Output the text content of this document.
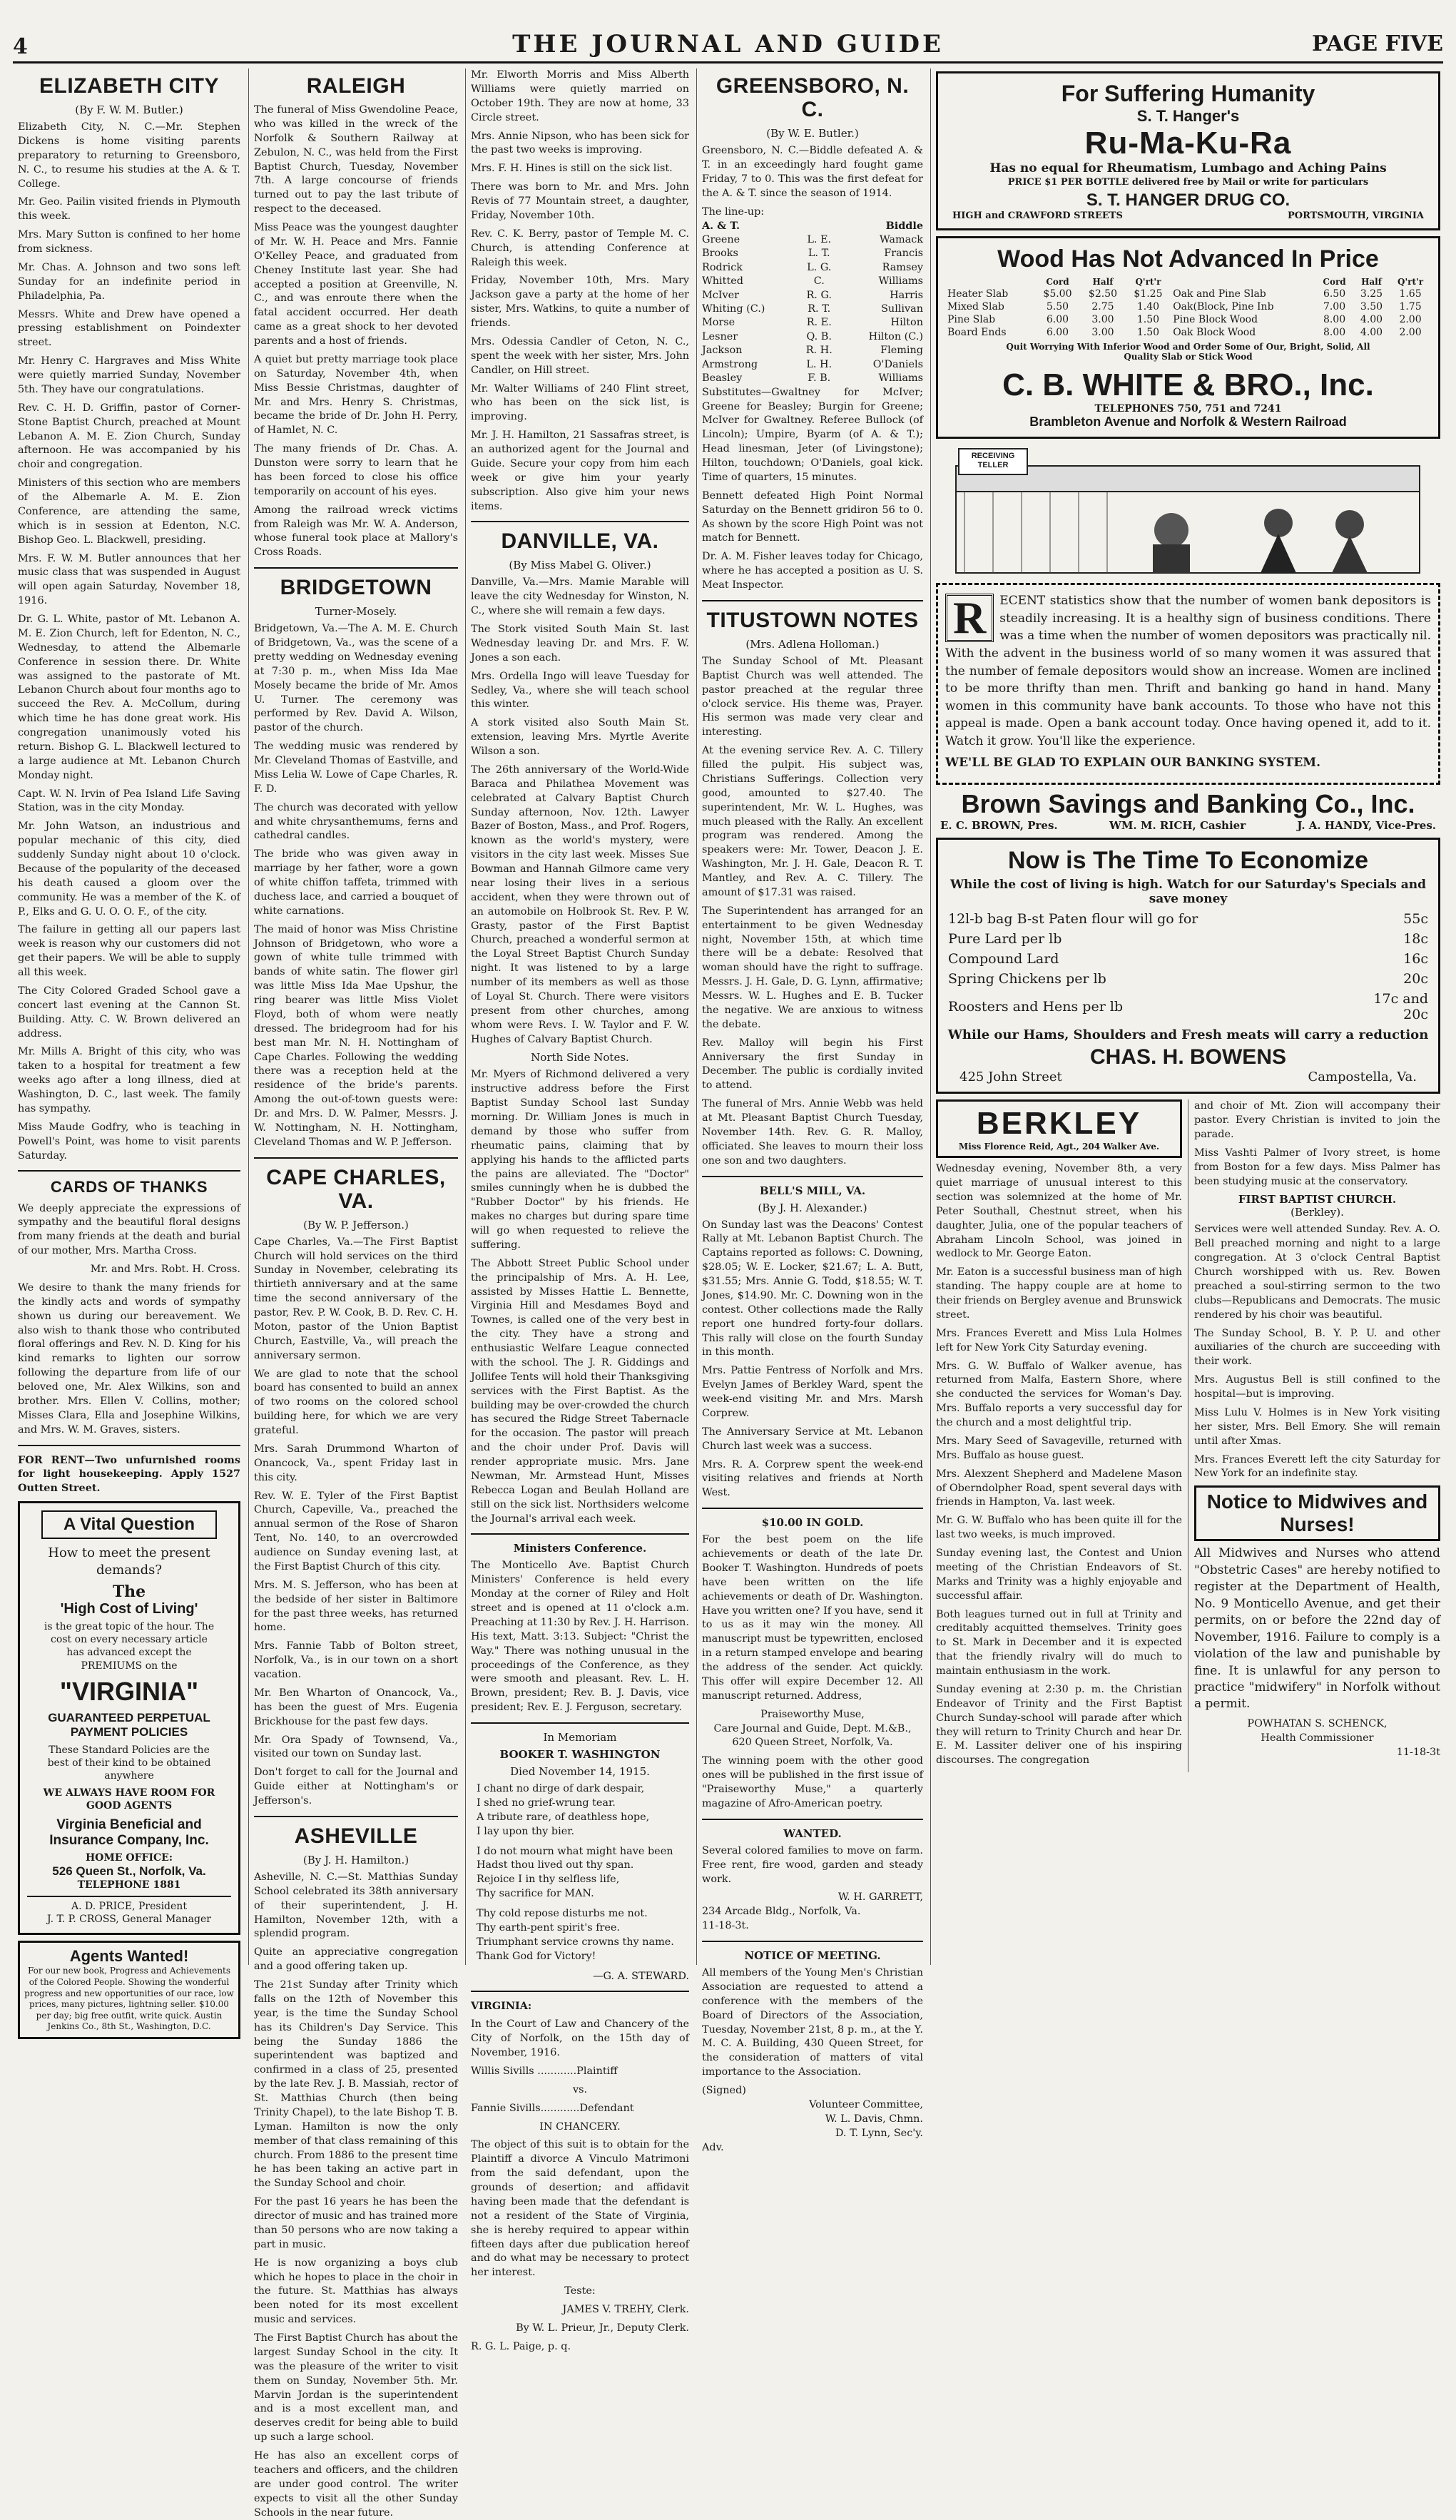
4	THE JOURNAL AND GUIDE	PAGE FIVE
ELIZABETH CITY
(By F. W. M. Butler.)

Elizabeth City, N. C.—Mr. Stephen Dickens is home visiting parents preparatory to returning to Greensboro, N. C., to resume his studies at the A. & T. College.

Mr. Geo. Pailin visited friends in Plymouth this week.

Mrs. Mary Sutton is confined to her home from sickness.

Mr. Chas. A. Johnson and two sons left Sunday for an indefinite period in Philadelphia, Pa.

Messrs. White and Drew have opened a pressing establishment on Poindexter street.

Mr. Henry C. Hargraves and Miss White were quietly married Sunday, November 5th. They have our congratulations.

Rev. C. H. D. Griffin, pastor of Corner-Stone Baptist Church, preached at Mount Lebanon A. M. E. Zion Church, Sunday afternoon. He was accompanied by his choir and congregation.

Ministers of this section who are members of the Albemarle A. M. E. Zion Conference, are attending the same, which is in session at Edenton, N.C. Bishop Geo. L. Blackwell, presiding.

Mrs. F. W. M. Butler announces that her music class that was suspended in August will open again Saturday, November 18, 1916.

Dr. G. L. White, pastor of Mt. Lebanon A. M. E. Zion Church, left for Edenton, N. C., Wednesday, to attend the Albemarle Conference in session there. Dr. White was assigned to the pastorate of Mt. Lebanon Church about four months ago to succeed the Rev. A. McCollum, during which time he has done great work. His congregation unanimously voted his return. Bishop G. L. Blackwell lectured to a large audience at Mt. Lebanon Church Monday night.

Capt. W. N. Irvin of Pea Island Life Saving Station, was in the city Monday.

Mr. John Watson, an industrious and popular mechanic of this city, died suddenly Sunday night about 10 o'clock. Because of the popularity of the deceased his death caused a gloom over the community. He was a member of the K. of P., Elks and G. U. O. O. F., of the city.

The failure in getting all our papers last week is reason why our customers did not get their papers. We will be able to supply all this week.

The City Colored Graded School gave a concert last evening at the Cannon St. Building. Atty. C. W. Brown delivered an address.

Mr. Mills A. Bright of this city, who was taken to a hospital for treatment a few weeks ago after a long illness, died at Washington, D. C., last week. The family has sympathy.

Miss Maude Godfry, who is teaching in Powell's Point, was home to visit parents Saturday.

CARDS OF THANKS

We deeply appreciate the expressions of sympathy and the beautiful floral designs from many friends at the death and burial of our mother, Mrs. Martha Cross.

Mr. and Mrs. Robt. H. Cross.

We desire to thank the many friends for the kindly acts and words of sympathy shown us during our bereavement. We also wish to thank those who contributed floral offerings and Rev. N. D. King for his kind remarks to lighten our sorrow following the departure from life of our beloved one, Mr. Alex Wilkins, son and brother. Mrs. Ellen V. Collins, mother; Misses Clara, Ella and Josephine Wilkins, and Mrs. W. M. Graves, sisters.

FOR RENT—Two unfurnished rooms for light housekeeping. Apply 1527 Outten Street.

A Vital Question
How to meet the present demands?
The
'High Cost of Living'
is the great topic of the hour. The cost on every necessary article has advanced except the PREMIUMS on the
"VIRGINIA"
GUARANTEED PERPETUAL PAYMENT POLICIES
These Standard Policies are the best of their kind to be obtained anywhere
WE ALWAYS HAVE ROOM FOR GOOD AGENTS
Virginia Beneficial and Insurance Company, Inc.
HOME OFFICE:
526 Queen St., Norfolk, Va.
TELEPHONE 1881
A. D. PRICE, President
J. T. P. CROSS, General Manager
Agents Wanted!
For our new book, Progress and Achievements of the Colored People. Showing the wonderful progress and new opportunities of our race, low prices, many pictures, lightning seller. $10.00 per day; big free outfit, write quick. Austin Jenkins Co., 8th St., Washington, D.C.
RALEIGH

The funeral of Miss Gwendoline Peace, who was killed in the wreck of the Norfolk & Southern Railway at Zebulon, N. C., was held from the First Baptist Church, Tuesday, November 7th. A large concourse of friends turned out to pay the last tribute of respect to the deceased.

Miss Peace was the youngest daughter of Mr. W. H. Peace and Mrs. Fannie O'Kelley Peace, and graduated from Cheney Institute last year. She had accepted a position at Greenville, N. C., and was enroute there when the fatal accident occurred. Her death came as a great shock to her devoted parents and a host of friends.

A quiet but pretty marriage took place on Saturday, November 4th, when Miss Bessie Christmas, daughter of Mr. and Mrs. Henry S. Christmas, became the bride of Dr. John H. Perry, of Hamlet, N. C.

The many friends of Dr. Chas. A. Dunston were sorry to learn that he has been forced to close his office temporarily on account of his eyes.

Among the railroad wreck victims from Raleigh was Mr. W. A. Anderson, whose funeral took place at Mallory's Cross Roads.

BRIDGETOWN
Turner-Mosely.

Bridgetown, Va.—The A. M. E. Church of Bridgetown, Va., was the scene of a pretty wedding on Wednesday evening at 7:30 p. m., when Miss Ida Mae Mosely became the bride of Mr. Amos U. Turner. The ceremony was performed by Rev. David A. Wilson, pastor of the church.

The wedding music was rendered by Mr. Cleveland Thomas of Eastville, and Miss Lelia W. Lowe of Cape Charles, R. F. D.

The church was decorated with yellow and white chrysanthemums, ferns and cathedral candles.

The bride who was given away in marriage by her father, wore a gown of white chiffon taffeta, trimmed with duchess lace, and carried a bouquet of white carnations.

The maid of honor was Miss Christine Johnson of Bridgetown, who wore a gown of white tulle trimmed with bands of white satin. The flower girl was little Miss Ida Mae Upshur, the ring bearer was little Miss Violet Floyd, both of whom were neatly dressed. The bridegroom had for his best man Mr. N. H. Nottingham of Cape Charles. Following the wedding there was a reception held at the residence of the bride's parents. Among the out-of-town guests were: Dr. and Mrs. D. W. Palmer, Messrs. J. W. Nottingham, N. H. Nottingham, Cleveland Thomas and W. P. Jefferson.

CAPE CHARLES, VA.
(By W. P. Jefferson.)

Cape Charles, Va.—The First Baptist Church will hold services on the third Sunday in November, celebrating its thirtieth anniversary and at the same time the second anniversary of the pastor, Rev. P. W. Cook, B. D. Rev. C. H. Moton, pastor of the Union Baptist Church, Eastville, Va., will preach the anniversary sermon.

We are glad to note that the school board has consented to build an annex of two rooms on the colored school building here, for which we are very grateful.

Mrs. Sarah Drummond Wharton of Onancock, Va., spent Friday last in this city.

Rev. W. E. Tyler of the First Baptist Church, Capeville, Va., preached the annual sermon of the Rose of Sharon Tent, No. 140, to an overcrowded audience on Sunday evening last, at the First Baptist Church of this city.

Mrs. M. S. Jefferson, who has been at the bedside of her sister in Baltimore for the past three weeks, has returned home.

Mrs. Fannie Tabb of Bolton street, Norfolk, Va., is in our town on a short vacation.

Mr. Ben Wharton of Onancock, Va., has been the guest of Mrs. Eugenia Brickhouse for the past few days.

Mr. Ora Spady of Townsend, Va., visited our town on Sunday last.

Don't forget to call for the Journal and Guide either at Nottingham's or Jefferson's.

ASHEVILLE
(By J. H. Hamilton.)

Asheville, N. C.—St. Matthias Sunday School celebrated its 38th anniversary of their superintendent, J. H. Hamilton, November 12th, with a splendid program.

Quite an appreciative congregation and a good offering taken up.

The 21st Sunday after Trinity which falls on the 12th of November this year, is the time the Sunday School has its Children's Day Service. This being the Sunday 1886 the superintendent was baptized and confirmed in a class of 25, presented by the late Rev. J. B. Massiah, rector of St. Matthias Church (then being Trinity Chapel), to the late Bishop T. B. Lyman. Hamilton is now the only member of that class remaining of this church. From 1886 to the present time he has been taking an active part in the Sunday School and choir.

For the past 16 years he has been the director of music and has trained more than 50 persons who are now taking a part in music.

He is now organizing a boys club which he hopes to place in the choir in the future. St. Matthias has always been noted for its most excellent music and services.

The First Baptist Church has about the largest Sunday School in the city. It was the pleasure of the writer to visit them on Sunday, November 5th. Mr. Marvin Jordan is the superintendent and is a most excellent man, and deserves credit for being able to build up such a large school.

He has also an excellent corps of teachers and officers, and the children are under good control. The writer expects to visit all the other Sunday Schools in the near future.

Mr. Elworth Morris and Miss Alberth Williams were quietly married on October 19th. They are now at home, 33 Circle street.

Mrs. Annie Nipson, who has been sick for the past two weeks is improving.

Mrs. F. H. Hines is still on the sick list.

There was born to Mr. and Mrs. John Revis of 77 Mountain street, a daughter, Friday, November 10th.

Rev. C. K. Berry, pastor of Temple M. C. Church, is attending Conference at Raleigh this week.

Friday, November 10th, Mrs. Mary Jackson gave a party at the home of her sister, Mrs. Watkins, to quite a number of friends.

Mrs. Odessia Candler of Ceton, N. C., spent the week with her sister, Mrs. John Candler, on Hill street.

Mr. Walter Williams of 240 Flint street, who has been on the sick list, is improving.

Mr. J. H. Hamilton, 21 Sassafras street, is an authorized agent for the Journal and Guide. Secure your copy from him each week or give him your yearly subscription. Also give him your news items.

DANVILLE, VA.
(By Miss Mabel G. Oliver.)

Danville, Va.—Mrs. Mamie Marable will leave the city Wednesday for Winston, N. C., where she will remain a few days.

The Stork visited South Main St. last Wednesday leaving Dr. and Mrs. F. W. Jones a son each.

Mrs. Ordella Ingo will leave Tuesday for Sedley, Va., where she will teach school this winter.

A stork visited also South Main St. extension, leaving Mrs. Myrtle Averite Wilson a son.

The 26th anniversary of the World-Wide Baraca and Philathea Movement was celebrated at Calvary Baptist Church Sunday afternoon, Nov. 12th. Lawyer Bazer of Boston, Mass., and Prof. Rogers, known as the world's mystery, were visitors in the city last week. Misses Sue Bowman and Hannah Gilmore came very near losing their lives in a serious accident, when they were thrown out of an automobile on Holbrook St. Rev. P. W. Grasty, pastor of the First Baptist Church, preached a wonderful sermon at the Loyal Street Baptist Church Sunday night. It was listened to by a large number of its members as well as those of Loyal St. Church. There were visitors present from other churches, among whom were Revs. I. W. Taylor and F. W. Hughes of Calvary Baptist Church.

North Side Notes.

Mr. Myers of Richmond delivered a very instructive address before the First Baptist Sunday School last Sunday morning. Dr. William Jones is much in demand by those who suffer from rheumatic pains, claiming that by applying his hands to the afflicted parts the pains are alleviated. The "Doctor" smiles cunningly when he is dubbed the "Rubber Doctor" by his friends. He makes no charges but during spare time will go when requested to relieve the suffering.

The Abbott Street Public School under the principalship of Mrs. A. H. Lee, assisted by Misses Hattie L. Bennette, Virginia Hill and Mesdames Boyd and Townes, is called one of the very best in the city. They have a strong and enthusiastic Welfare League connected with the school. The J. R. Giddings and Jollifee Tents will hold their Thanksgiving services with the First Baptist. As the building may be over-crowded the church has secured the Ridge Street Tabernacle for the occasion. The pastor will preach and the choir under Prof. Davis will render appropriate music. Mrs. Jane Newman, Mr. Armstead Hunt, Misses Rebecca Logan and Beulah Holland are still on the sick list. Northsiders welcome the Journal's arrival each week.

Ministers Conference.

The Monticello Ave. Baptist Church Ministers' Conference is held every Monday at the corner of Riley and Holt street and is opened at 11 o'clock a.m. Preaching at 11:30 by Rev. J. H. Harrison. His text, Matt. 3:13. Subject: "Christ the Way." There was nothing unusual in the proceedings of the Conference, as they were smooth and pleasant. Rev. L. H. Brown, president; Rev. B. J. Davis, vice president; Rev. E. J. Ferguson, secretary.

In Memoriam
BOOKER T. WASHINGTON
Died November 14, 1915.
I chant no dirge of dark despair,
I shed no grief-wrung tear.
A tribute rare, of deathless hope,
I lay upon thy bier.
I do not mourn what might have been
Hadst thou lived out thy span.
Rejoice I in thy selfless life,
Thy sacrifice for MAN.
Thy cold repose disturbs me not.
Thy earth-pent spirit's free.
Triumphant service crowns thy name.
Thank God for Victory!

—G. A. STEWARD.

VIRGINIA:

In the Court of Law and Chancery of the City of Norfolk, on the 15th day of November, 1916.

Willis Sivills ............Plaintiff

vs.

Fannie Sivills............Defendant

IN CHANCERY.

The object of this suit is to obtain for the Plaintiff a divorce A Vinculo Matrimoni from the said defendant, upon the grounds of desertion; and affidavit having been made that the defendant is not a resident of the State of Virginia, she is hereby required to appear within fifteen days after due publication hereof and do what may be necessary to protect her interest.

Teste:

JAMES V. TREHY, Clerk.

By W. L. Prieur, Jr., Deputy Clerk.

R. G. L. Paige, p. q.

GREENSBORO, N. C.
(By W. E. Butler.)

Greensboro, N. C.—Biddle defeated A. & T. in an exceedingly hard fought game Friday, 7 to 0. This was the first defeat for the A. & T. since the season of 1914.

The line-up:

A. & T.		Biddle
Greene	L. E.	Wamack
Brooks	L. T.	Francis
Rodrick	L. G.	Ramsey
Whitted	C.	Williams
McIver	R. G.	Harris
Whiting (C.)	R. T.	Sullivan
Morse	R. E.	Hilton
Lesner	Q. B.	Hilton (C.)
Jackson	R. H.	Fleming
Armstrong	L. H.	O'Daniels
Beasley	F. B.	Williams

Substitutes—Gwaltney for McIver; Greene for Beasley; Burgin for Greene; McIver for Gwaltney. Referee Bullock (of Lincoln); Umpire, Byarm (of A. & T.); Head linesman, Jeter (of Livingstone); Hilton, touchdown; O'Daniels, goal kick. Time of quarters, 15 minutes.

Bennett defeated High Point Normal Saturday on the Bennett gridiron 56 to 0. As shown by the score High Point was not match for Bennett.

Dr. A. M. Fisher leaves today for Chicago, where he has accepted a position as U. S. Meat Inspector.

TITUSTOWN NOTES
(Mrs. Adlena Holloman.)

The Sunday School of Mt. Pleasant Baptist Church was well attended. The pastor preached at the regular three o'clock service. His theme was, Prayer. His sermon was made very clear and interesting.

At the evening service Rev. A. C. Tillery filled the pulpit. His subject was, Christians Sufferings. Collection very good, amounted to $27.40. The superintendent, Mr. W. L. Hughes, was much pleased with the Rally. An excellent program was rendered. Among the speakers were: Mr. Tower, Deacon J. E. Washington, Mr. J. H. Gale, Deacon R. T. Mantley, and Rev. A. C. Tillery. The amount of $17.31 was raised.

The Superintendent has arranged for an entertainment to be given Wednesday night, November 15th, at which time there will be a debate: Resolved that woman should have the right to suffrage. Messrs. J. H. Gale, D. G. Lynn, affirmative; Messrs. W. L. Hughes and E. B. Tucker the negative. We are anxious to witness the debate.

Rev. Malloy will begin his First Anniversary the first Sunday in December. The public is cordially invited to attend.

The funeral of Mrs. Annie Webb was held at Mt. Pleasant Baptist Church Tuesday, November 14th. Rev. G. R. Malloy, officiated. She leaves to mourn their loss one son and two daughters.

BELL'S MILL, VA.
(By J. H. Alexander.)

On Sunday last was the Deacons' Contest Rally at Mt. Lebanon Baptist Church. The Captains reported as follows: C. Downing, $28.05; W. E. Locker, $21.67; L. A. Butt, $31.55; Mrs. Annie G. Todd, $18.55; W. T. Jones, $14.90. Mr. C. Downing won in the contest. Other collections made the Rally report one hundred forty-four dollars. This rally will close on the fourth Sunday in this month.

Mrs. Pattie Fentress of Norfolk and Mrs. Evelyn James of Berkley Ward, spent the week-end visiting Mr. and Mrs. Marsh Corprew.

The Anniversary Service at Mt. Lebanon Church last week was a success.

Mrs. R. A. Corprew spent the week-end visiting relatives and friends at North West.

$10.00 IN GOLD.

For the best poem on the life achievements or death of the late Dr. Booker T. Washington. Hundreds of poets have been written on the life achievements or death of Dr. Washington. Have you written one? If you have, send it to us as it may win the money. All manuscript must be typewritten, enclosed in a return stamped envelope and bearing the address of the sender. Act quickly. This offer will expire December 12. All manuscript returned. Address,

Praiseworthy Muse,

Care Journal and Guide, Dept. M.&B.,

620 Queen Street, Norfolk, Va.

The winning poem with the other good ones will be published in the first issue of "Praiseworthy Muse," a quarterly magazine of Afro-American poetry.

WANTED.

Several colored families to move on farm. Free rent, fire wood, garden and steady work.

W. H. GARRETT,

234 Arcade Bldg., Norfolk, Va.

11-18-3t.

NOTICE OF MEETING.

All members of the Young Men's Christian Association are requested to attend a conference with the members of the Board of Directors of the Association, Tuesday, November 21st, 8 p. m., at the Y. M. C. A. Building, 430 Queen Street, for the consideration of matters of vital importance to the Association.

(Signed)

Volunteer Committee,

W. L. Davis, Chmn.

D. T. Lynn, Sec'y.

Adv.

For Suffering Humanity
S. T. Hanger's
Ru-Ma-Ku-Ra
Has no equal for Rheumatism, Lumbago and Aching Pains
PRICE $1 PER BOTTLE delivered free by Mail or write for particulars
S. T. HANGER DRUG CO.
HIGH and CRAWFORD STREETS	PORTSMOUTH, VIRGINIA
Wood Has Not Advanced In Price
	Cord	Half	Q'rt'r		Cord	Half	Q'rt'r
Heater Slab	$5.00	$2.50	$1.25	Oak and Pine Slab	6.50	3.25	1.65
Mixed Slab	5.50	2.75	1.40	Oak(Block, Pine Inb	7.00	3.50	1.75
Pine Slab	6.00	3.00	1.50	Pine Block Wood	8.00	4.00	2.00
Board Ends	6.00	3.00	1.50	Oak Block Wood	8.00	4.00	2.00
Quit Worrying With Inferior Wood and Order Some of Our, Bright, Solid, All Quality Slab or Stick Wood
C. B. WHITE & BRO., Inc.
TELEPHONES 750, 751 and 7241
Brambleton Avenue and Norfolk & Western Railroad
RECEIVING TELLER
R	ECENT statistics show that the number of women bank depositors is steadily increasing. It is a healthy sign of business conditions. There was a time when the number of women depositors was practically nil. With the advent in the business world of so many women it was assured that the number of female depositors would show an increase. Women are inclined to be more thrifty than men. Thrift and banking go hand in hand. Many women in this community have bank accounts. To those who have not this appeal is made. Open a bank account today. Once having opened it, add to it. Watch it grow. You'll like the experience.

WE'LL BE GLAD TO EXPLAIN OUR BANKING SYSTEM.

Brown Savings and Banking Co., Inc.
E. C. BROWN, Pres.	WM. M. RICH, Cashier	J. A. HANDY, Vice-Pres.
Now is The Time To Economize
While the cost of living is high. Watch for our Saturday's Specials and save money
12l-b bag B-st Paten flour will go for	55c
Pure Lard per lb	18c
Compound Lard	16c
Spring Chickens per lb	20c
Roosters and Hens per lb	17c and 20c
While our Hams, Shoulders and Fresh meats will carry a reduction
CHAS. H. BOWENS
425 John Street	Campostella, Va.
BERKLEY
Miss Florence Reid, Agt., 204 Walker Ave.

Wednesday evening, November 8th, a very quiet marriage of unusual interest to this section was solemnized at the home of Mr. Peter Southall, Chestnut street, when his daughter, Julia, one of the popular teachers of Abraham Lincoln School, was joined in wedlock to Mr. George Eaton.

Mr. Eaton is a successful business man of high standing. The happy couple are at home to their friends on Bergley avenue and Brunswick street.

Mrs. Frances Everett and Miss Lula Holmes left for New York City Saturday evening.

Mrs. G. W. Buffalo of Walker avenue, has returned from Malfa, Eastern Shore, where she conducted the services for Woman's Day. Mrs. Buffalo reports a very successful day for the church and a most delightful trip.

Mrs. Mary Seed of Savageville, returned with Mrs. Buffalo as house guest.

Mrs. Alexzent Shepherd and Madelene Mason of Oberndolpher Road, spent several days with friends in Hampton, Va. last week.

Mr. G. W. Buffalo who has been quite ill for the last two weeks, is much improved.

Sunday evening last, the Contest and Union meeting of the Christian Endeavors of St. Marks and Trinity was a highly enjoyable and successful affair.

Both leagues turned out in full at Trinity and creditably acquitted themselves. Trinity goes to St. Mark in December and it is expected that the friendly rivalry will do much to maintain enthusiasm in the work.

Sunday evening at 2:30 p. m. the Christian Endeavor of Trinity and the First Baptist Church Sunday-school will parade after which they will return to Trinity Church and hear Dr. E. M. Lassiter deliver one of his inspiring discourses. The congregation

and choir of Mt. Zion will accompany their pastor. Every Christian is invited to join the parade.

Miss Vashti Palmer of Ivory street, is home from Boston for a few days. Miss Palmer has been studying music at the conservatory.

FIRST BAPTIST CHURCH.
(Berkley).

Services were well attended Sunday. Rev. A. O. Bell preached morning and night to a large congregation. At 3 o'clock Central Baptist Church worshipped with us. Rev. Bowen preached a soul-stirring sermon to the two clubs—Republicans and Democrats. The music rendered by his choir was beautiful.

The Sunday School, B. Y. P. U. and other auxiliaries of the church are succeeding with their work.

Mrs. Augustus Bell is still confined to the hospital—but is improving.

Miss Lulu V. Holmes is in New York visiting her sister, Mrs. Bell Emory. She will remain until after Xmas.

Mrs. Frances Everett left the city Saturday for New York for an indefinite stay.

Notice to Midwives and Nurses!

All Midwives and Nurses who attend "Obstetric Cases" are hereby notified to register at the Department of Health, No. 9 Monticello Avenue, and get their permits, on or before the 22nd day of November, 1916. Failure to comply is a violation of the law and punishable by fine. It is unlawful for any person to practice "midwifery" in Norfolk without a permit.

POWHATAN S. SCHENCK,

Health Commissioner

11-18-3t
